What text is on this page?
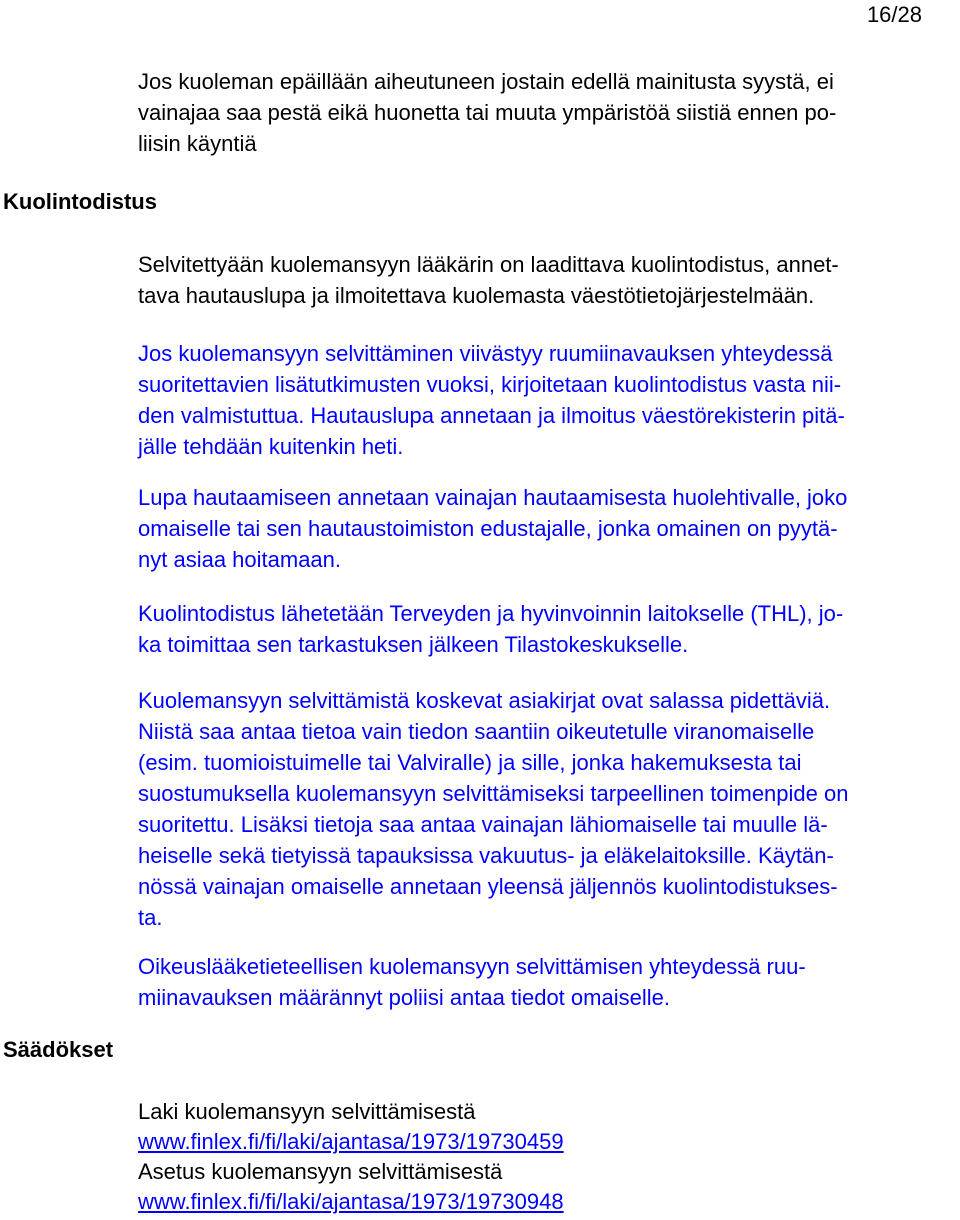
16/28
Kuolintodistus
Säädökset
Jos kuoleman epäillään aiheutuneen jostain edellä mainitusta syystä, ei
vainajaa saa pestä eikä huonetta tai muuta ympäristöä siistiä ennen po-
liisin käyntiä
Selvitettyään kuolemansyyn lääkärin on laadittava kuolintodistus, annet-
tava hautauslupa ja ilmoitettava kuolemasta väestötietojärjestelmään.
Jos kuolemansyyn selvittäminen viivästyy ruumiinavauksen yhteydessä
suoritettavien lisätutkimusten vuoksi, kirjoitetaan kuolintodistus vasta nii-
den valmistuttua. Hautauslupa annetaan ja ilmoitus väestörekisterin pitä-
jälle tehdään kuitenkin heti.
Lupa hautaamiseen annetaan vainajan hautaamisesta huolehtivalle, joko
omaiselle tai sen hautaustoimiston edustajalle, jonka omainen on pyytä-
nyt asiaa hoitamaan.
Kuolintodistus lähetetään Terveyden ja hyvinvoinnin laitokselle (THL), jo-
ka toimittaa sen tarkastuksen jälkeen Tilastokeskukselle.
Kuolemansyyn selvittämistä koskevat asiakirjat ovat salassa pidettäviä.
Niistä saa antaa tietoa vain tiedon saantiin oikeutetulle viranomaiselle
(esim. tuomioistuimelle tai Valviralle) ja sille, jonka hakemuksesta tai
suostumuksella kuolemansyyn selvittämiseksi tarpeellinen toimenpide on
suoritettu. Lisäksi tietoja saa antaa vainajan lähiomaiselle tai muulle lä-
heiselle sekä tietyissä tapauksissa vakuutus- ja eläkelaitoksille. Käytän-
nössä vainajan omaiselle annetaan yleensä jäljennös kuolintodistukses-
ta.
Oikeuslääketieteellisen kuolemansyyn selvittämisen yhteydessä ruu-
miinavauksen määrännyt poliisi antaa tiedot omaiselle.
Laki kuolemansyyn selvittämisestä
www.finlex.fi/fi/laki/ajantasa/1973/19730459
Asetus kuolemansyyn selvittämisestä
www.finlex.fi/fi/laki/ajantasa/1973/19730948
